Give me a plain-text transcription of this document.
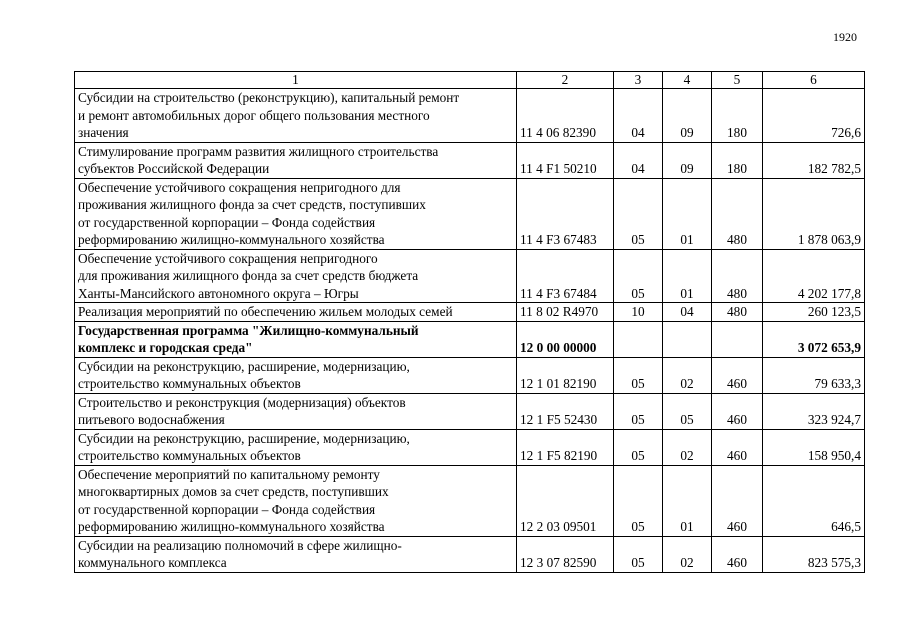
1920
1	2	3	4	5	6

Субсидии на строительство (реконструкцию), капитальный ремонт
и ремонт автомобильных дорог общего пользования местного
значения	11 4 06 82390	04	09	180	726,6

Стимулирование программ развития жилищного строительства
субъектов Российской Федерации	11 4 F1 50210	04	09	180	182 782,5

Обеспечение устойчивого сокращения непригодного для
проживания жилищного фонда за счет средств, поступивших
от государственной корпорации – Фонда содействия
реформированию жилищно-коммунального хозяйства	11 4 F3 67483	05	01	480	1 878 063,9

Обеспечение устойчивого сокращения непригодного
для проживания жилищного фонда за счет средств бюджета
Ханты-Мансийского автономного округа – Югры	11 4 F3 67484	05	01	480	4 202 177,8

Реализация мероприятий по обеспечению жильем молодых семей	11 8 02 R4970	10	04	480	260 123,5

Государственная программа "Жилищно-коммунальный
комплекс и городская среда"	12 0 00 00000				3 072 653,9

Субсидии на реконструкцию, расширение, модернизацию,
строительство коммунальных объектов	12 1 01 82190	05	02	460	79 633,3

Строительство и реконструкция (модернизация) объектов
питьевого водоснабжения	12 1 F5 52430	05	05	460	323 924,7

Субсидии на реконструкцию, расширение, модернизацию,
строительство коммунальных объектов	12 1 F5 82190	05	02	460	158 950,4

Обеспечение мероприятий по капитальному ремонту
многоквартирных домов за счет средств, поступивших
от государственной корпорации – Фонда содействия
реформированию жилищно-коммунального хозяйства	12 2 03 09501	05	01	460	646,5

Субсидии на реализацию полномочий в сфере жилищно-
коммунального комплекса	12 3 07 82590	05	02	460	823 575,3
